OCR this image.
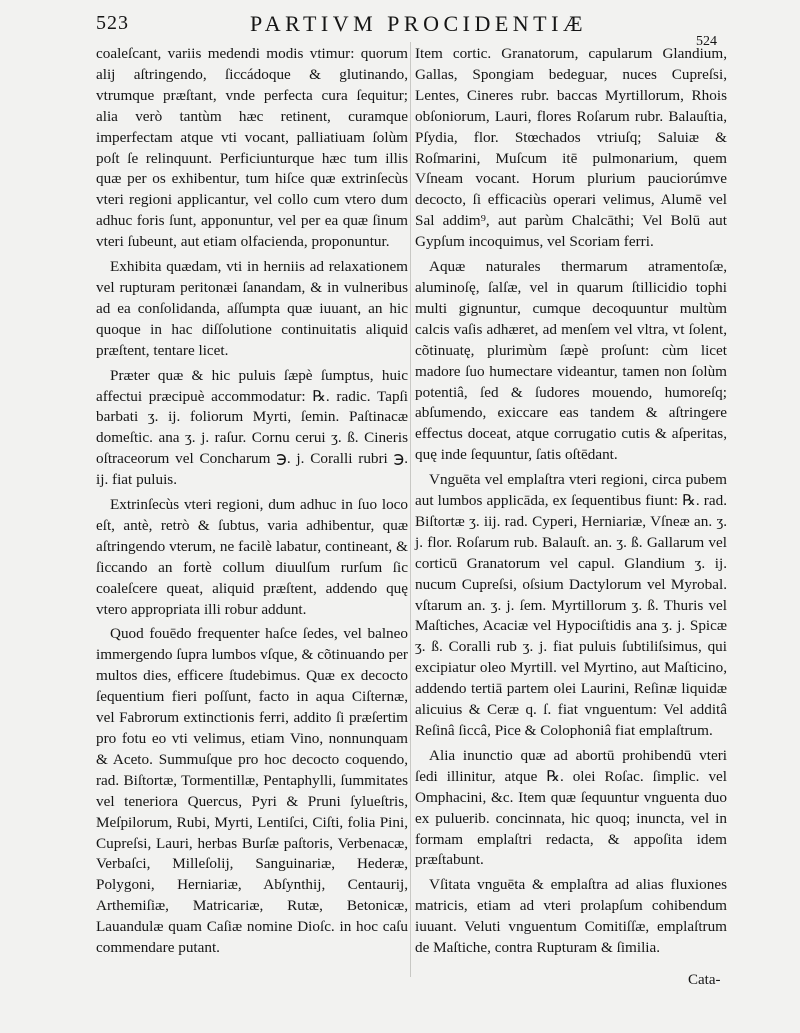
523	PARTIVM PROCIDENTIÆ
524

coaleſcant, variis medendi modis vtimur: quorum alij aſtringendo, ſiccádoque & glutinando, vtrumque præſtant, vnde perfecta cura ſequitur; alia verò tantùm hæc retinent, curamque imperfectam atque vti vocant, palliatiuam ſolùm poſt ſe relinquunt. Perficiunturque hæc tum illis quæ per os exhibentur, tum hiſce quæ extrinſecùs vteri regioni applicantur, vel collo cum vtero dum adhuc foris ſunt, apponuntur, vel per ea quæ ſinum vteri ſubeunt, aut etiam olfacienda, proponuntur.

Exhibita quædam, vti in herniis ad relaxationem vel rupturam peritonæi ſanandam, & in vulneribus ad ea conſolidanda, aſſumpta quæ iuuant, an hic quoque in hac diſſolutione continuitatis aliquid præſtent, tentare licet.

Præter quæ & hic puluis ſæpè ſumptus, huic affectui præcipuè accommodatur: ℞. radic. Tapſi barbati ʒ. ij. foliorum Myrti, ſemin. Paſtinacæ domeſtic. ana ʒ. j. raſur. Cornu cerui ʒ. ß. Cineris oſtraceorum vel Concharum ℈. j. Coralli rubri ℈. ij. fiat puluis.

Extrinſecùs vteri regioni, dum adhuc in ſuo loco eſt, antè, retrò & ſubtus, varia adhibentur, quæ aſtringendo vterum, ne facilè labatur, contineant, & ſiccando an fortè collum diuulſum rurſum ſic coaleſcere queat, aliquid præſtent, addendo quę vtero appropriata illi robur addunt.

Quod fouēdo frequenter haſce ſedes, vel balneo immergendo ſupra lumbos vſque, & cõtinuando per multos dies, efficere ſtudebimus. Quæ ex decocto ſequentium fieri poſſunt, facto in aqua Ciſternæ, vel Fabrorum extinctionis ferri, addito ſi præſertim pro fotu eo vti velimus, etiam Vino, nonnunquam & Aceto. Summuſque pro hoc decocto coquendo, rad. Biſtortæ, Tormentillæ, Pentaphylli, ſummitates vel teneriora Quercus, Pyri & Pruni ſylueſtris, Meſpilorum, Rubi, Myrti, Lentiſci, Ciſti, folia Pini, Cupreſsi, Lauri, herbas Burſæ paſtoris, Verbenacæ, Verbaſci, Milleſolij, Sanguinariæ, Hederæ, Polygoni, Herniariæ, Abſynthij, Centaurij, Arthemiſiæ, Matricariæ, Rutæ, Betonicæ, Lauandulæ quam Caſiæ nomine Dioſc. in hoc caſu commendare putant.

Item cortic. Granatorum, capularum Glandium, Gallas, Spongiam bedeguar, nuces Cupreſsi, Lentes, Cineres rubr. baccas Myrtillorum, Rhois obſoniorum, Lauri, flores Roſarum rubr. Balauſtia, Pſydia, flor. Stœchados vtriuſq; Saluiæ & Roſmarini, Muſcum itē pulmonarium, quem Vſneam vocant. Horum plurium pauciorúmve decocto, ſi efficaciùs operari velimus, Alumē vel Sal addim⁹, aut parùm Chalcāthi; Vel Bolū aut Gypſum incoquimus, vel Scoriam ferri.

Aquæ naturales thermarum atramentoſæ, aluminoſę, ſalſæ, vel in quarum ſtillicidio tophi multi gignuntur, cumque decoquuntur multùm calcis vaſis adhæret, ad menſem vel vltra, vt ſolent, cõtinuatę, plurimùm ſæpè proſunt: cùm licet madore ſuo humectare videantur, tamen non ſolùm potentiâ, ſed & ſudores mouendo, humoreſq; abſumendo, exiccare eas tandem & aſtringere effectus doceat, atque corrugatio cutis & aſperitas, quę inde ſequuntur, ſatis oſtēdant.

Vnguēta vel emplaſtra vteri regioni, circa pubem aut lumbos applicāda, ex ſequentibus fiunt: ℞. rad. Biſtortæ ʒ. iij. rad. Cyperi, Herniariæ, Vſneæ an. ʒ. j. flor. Roſarum rub. Balauſt. an. ʒ. ß. Gallarum vel corticū Granatorum vel capul. Glandium ʒ. ij. nucum Cupreſsi, oſsium Dactylorum vel Myrobal. vſtarum an. ʒ. j. ſem. Myrtillorum ʒ. ß. Thuris vel Maſtiches, Acaciæ vel Hypociſtidis ana ʒ. j. Spicæ ʒ. ß. Coralli rub ʒ. j. fiat puluis ſubtiliſsimus, qui excipiatur oleo Myrtill. vel Myrtino, aut Maſticino, addendo tertiā partem olei Laurini, Reſinæ liquidæ alicuius & Ceræ q. ſ. fiat vnguentum: Vel additâ Reſinâ ſiccâ, Pice & Colophoniâ fiat emplaſtrum.

Alia inunctio quæ ad abortū prohibendū vteri ſedi illinitur, atque ℞. olei Roſac. ſimplic. vel Omphacini, &c. Item quæ ſequuntur vnguenta duo ex puluerib. concinnata, hic quoq; inuncta, vel in formam emplaſtri redacta, & appoſita idem præſtabunt.

Vſitata vnguēta & emplaſtra ad alias fluxiones matricis, etiam ad vteri prolapſum cohibendum iuuant. Veluti vnguentum Comitiſſæ, emplaſtrum de Maſtiche, contra Rupturam & ſimilia.

Cata-
